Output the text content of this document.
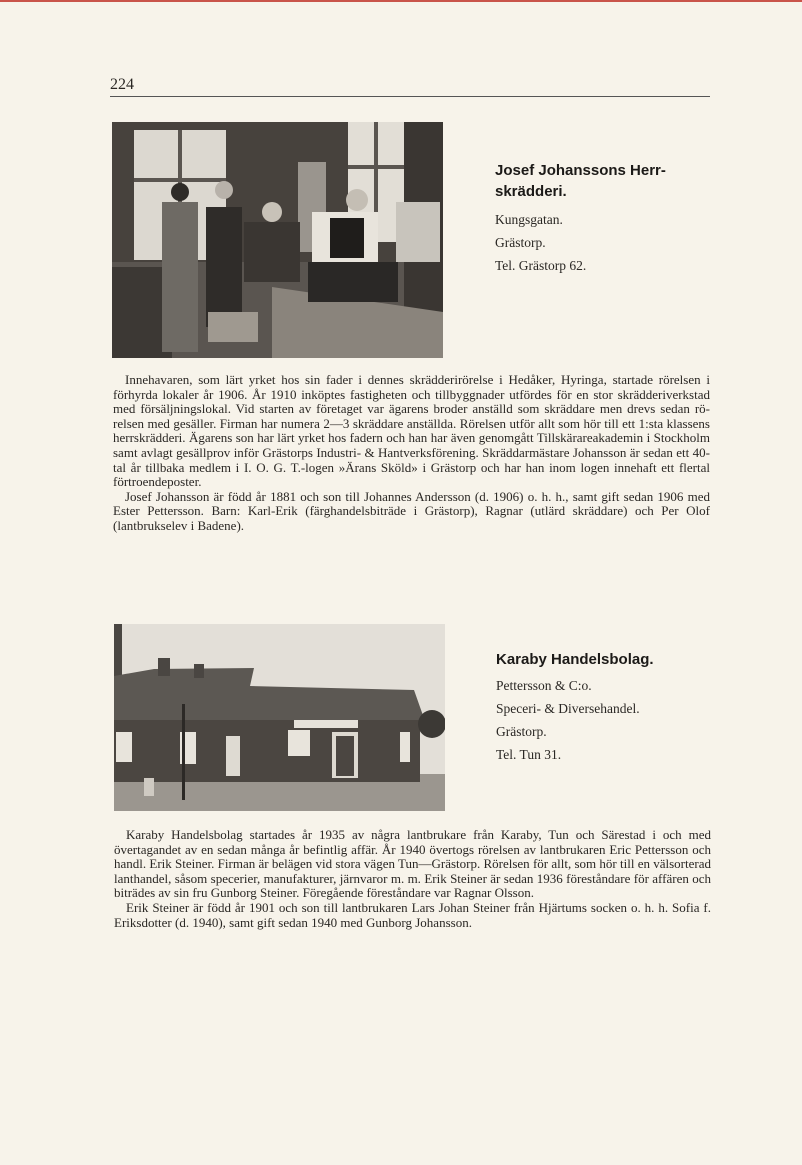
224
Josef Johanssons Herrskrädderi.
Kungsgatan.
Grästorp.
Tel. Grästorp 62.

Innehavaren, som lärt yrket hos sin fader i dennes skrädderirörelse i Hedåker, Hyringa, startade rörelsen i förhyrda lokaler år 1906. År 1910 inköptes fastigheten och tillbyggnader utfördes för en stor skrädderiverkstad med försäljningslokal. Vid starten av företaget var ägarens broder anställd som skräddare men drevs sedan rörelsen med gesäller. Firman har numera 2—3 skräddare anställda. Rörelsen utför allt som hör till ett 1:sta klassens herrskrädderi. Ägarens son har lärt yrket hos fadern och han har även genomgått Tillskärareakademin i Stockholm samt avlagt gesällprov inför Grästorps Industri- & Hantverksförening. Skräddarmästare Johansson är sedan ett 40-tal år tillbaka medlem i I. O. G. T.-logen »Ärans Sköld» i Grästorp och har han inom logen innehaft ett flertal förtroendeposter.

Josef Johansson är född år 1881 och son till Johannes Andersson (d. 1906) o. h. h., samt gift sedan 1906 med Ester Pettersson. Barn: Karl-Erik (färghandelsbiträde i Grästorp), Ragnar (utlärd skräddare) och Per Olof (lantbrukselev i Badene).

Karaby Handelsbolag.
Pettersson & C:o.
Speceri- & Diversehandel.
Grästorp.
Tel. Tun 31.

Karaby Handelsbolag startades år 1935 av några lantbrukare från Karaby, Tun och Särestad i och med övertagandet av en sedan många år befintlig affär. År 1940 övertogs rörelsen av lantbrukaren Eric Pettersson och handl. Erik Steiner. Firman är belägen vid stora vägen Tun—Grästorp. Rörelsen för allt, som hör till en välsorterad lanthandel, såsom specerier, manufakturer, järnvaror m. m. Erik Steiner är sedan 1936 föreståndare för affären och biträdes av sin fru Gunborg Steiner. Föregående föreståndare var Ragnar Olsson.

Erik Steiner är född år 1901 och son till lantbrukaren Lars Johan Steiner från Hjärtums socken o. h. h. Sofia f. Eriksdotter (d. 1940), samt gift sedan 1940 med Gunborg Johansson.
